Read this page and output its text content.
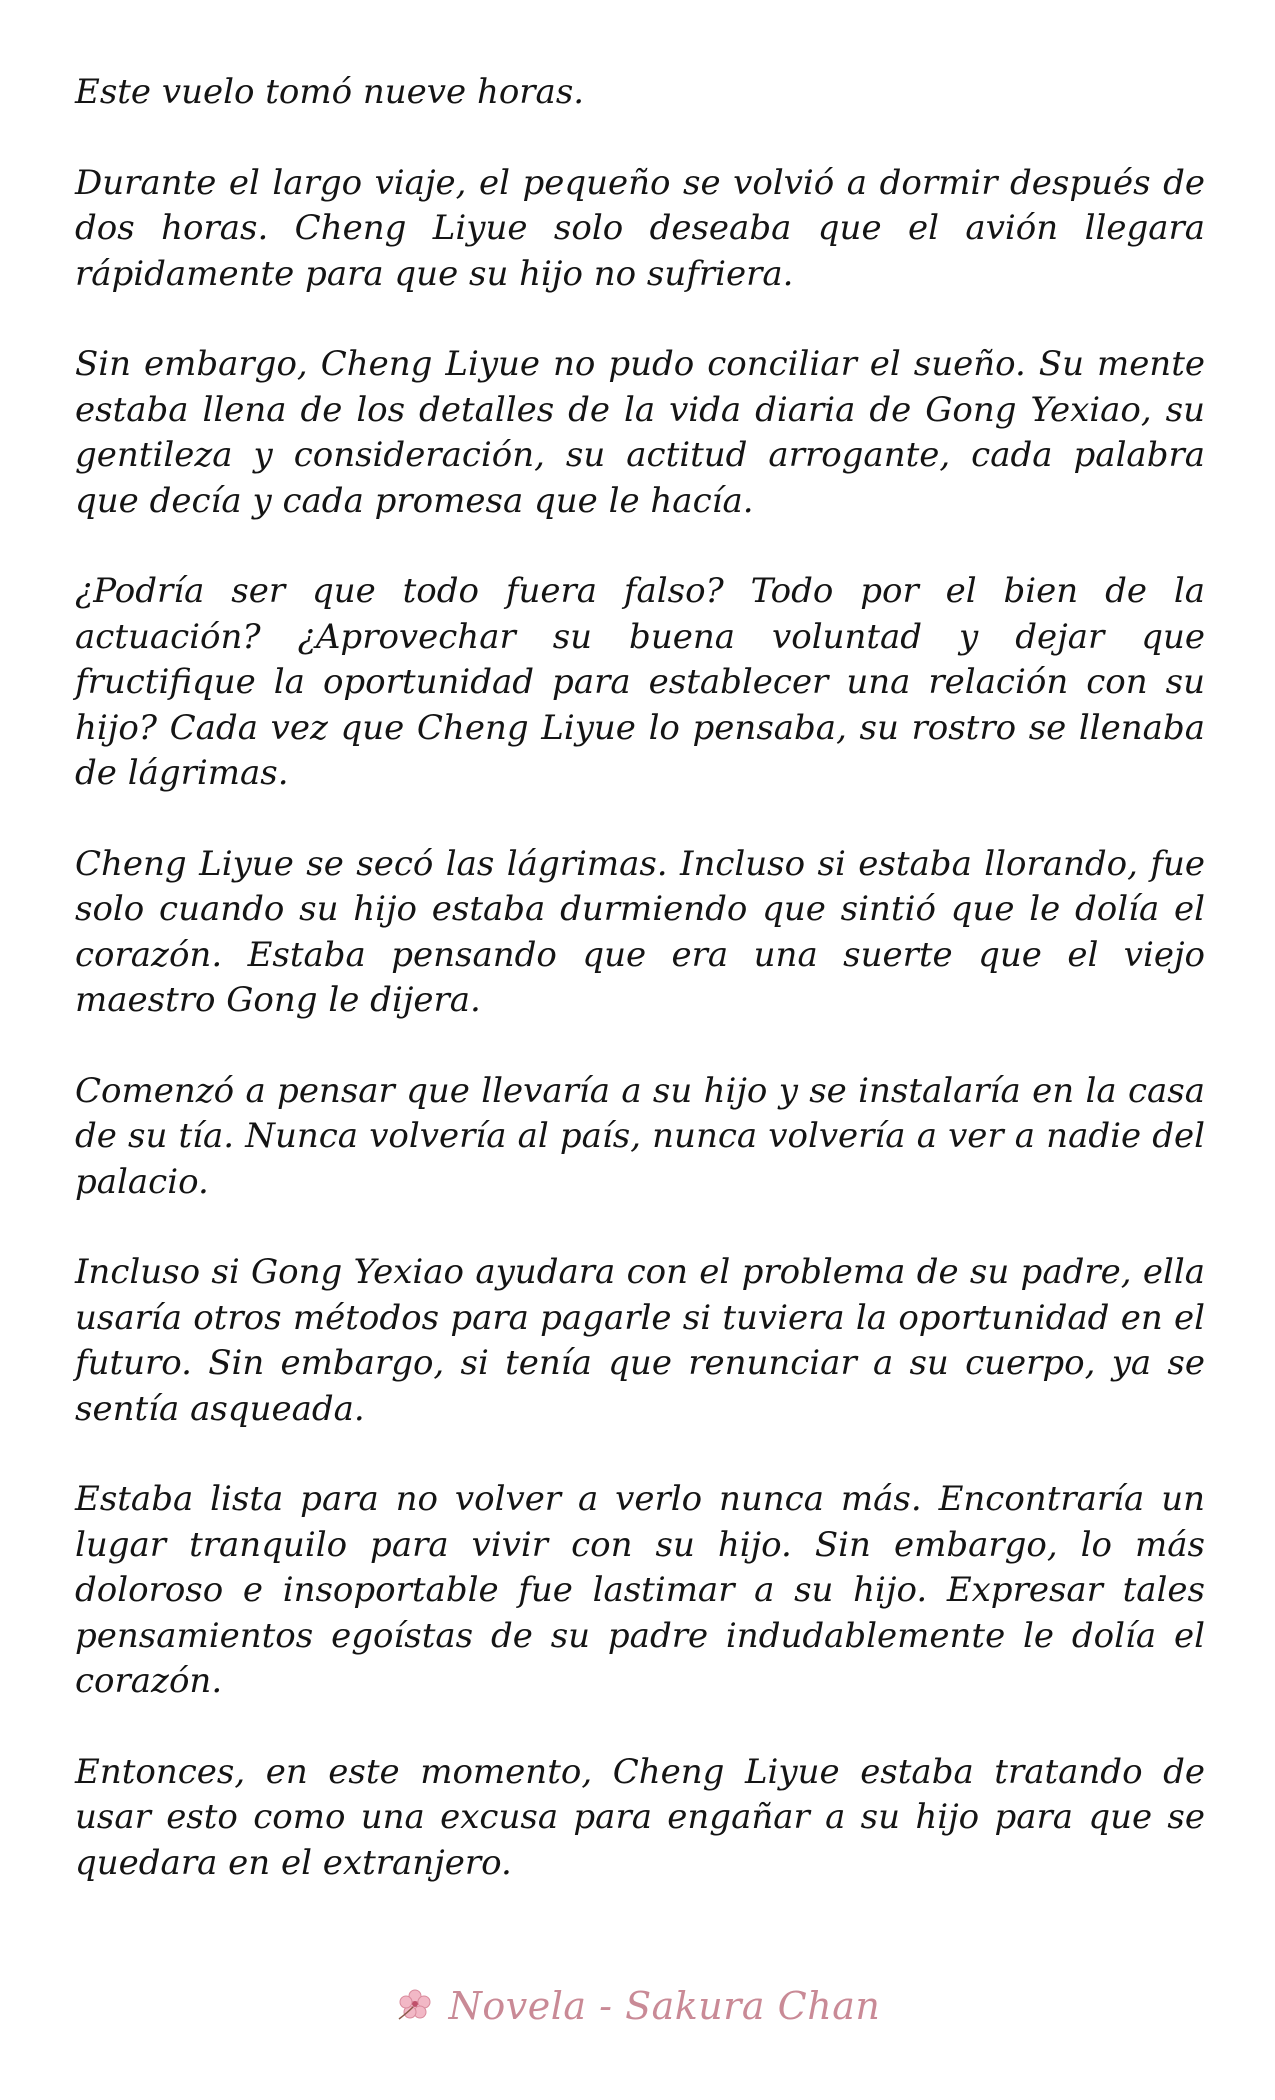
Este vuelo tomó nueve horas.

Durante el largo viaje, el pequeño se volvió a dormir después de dos horas. Cheng Liyue solo deseaba que el avión llegara rápidamente para que su hijo no sufriera.

Sin embargo, Cheng Liyue no pudo conciliar el sueño. Su mente estaba llena de los detalles de la vida diaria de Gong Yexiao, su gentileza y consideración, su actitud arrogante, cada palabra que decía y cada promesa que le hacía.

¿Podría ser que todo fuera falso? Todo por el bien de la actuación? ¿Aprovechar su buena voluntad y dejar que fructifique la oportunidad para establecer una relación con su hijo? Cada vez que Cheng Liyue lo pensaba, su rostro se llenaba de lágrimas.

Cheng Liyue se secó las lágrimas. Incluso si estaba llorando, fue solo cuando su hijo estaba durmiendo que sintió que le dolía el corazón. Estaba pensando que era una suerte que el viejo maestro Gong le dijera.

Comenzó a pensar que llevaría a su hijo y se instalaría en la casa de su tía. Nunca volvería al país, nunca volvería a ver a nadie del palacio.

Incluso si Gong Yexiao ayudara con el problema de su padre, ella usaría otros métodos para pagarle si tuviera la oportunidad en el futuro. Sin embargo, si tenía que renunciar a su cuerpo, ya se sentía asqueada.

Estaba lista para no volver a verlo nunca más. Encontraría un lugar tranquilo para vivir con su hijo. Sin embargo, lo más doloroso e insoportable fue lastimar a su hijo. Expresar tales pensamientos egoístas de su padre indudablemente le dolía el corazón.

Entonces, en este momento, Cheng Liyue estaba tratando de usar esto como una excusa para engañar a su hijo para que se quedara en el extranjero.

Novela - Sakura Chan
